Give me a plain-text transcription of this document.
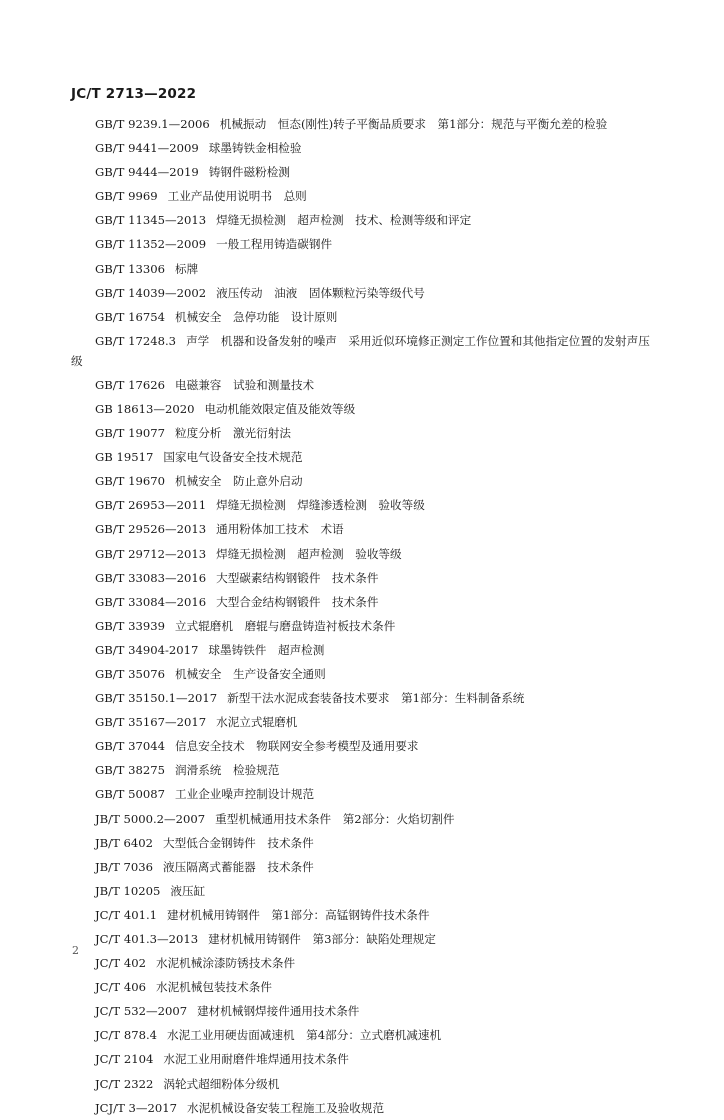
JC/T 2713—2022
GB/T 9239.1—2006 机械振动　恒态(刚性)转子平衡品质要求　第1部分：规范与平衡允差的检验
GB/T 9441—2009 球墨铸铁金相检验
GB/T 9444—2019 铸钢件磁粉检测
GB/T 9969 工业产品使用说明书　总则
GB/T 11345—2013 焊缝无损检测　超声检测　技术、检测等级和评定
GB/T 11352—2009 一般工程用铸造碳钢件
GB/T 13306 标牌
GB/T 14039—2002 液压传动　油液　固体颗粒污染等级代号
GB/T 16754 机械安全　急停功能　设计原则
GB/T 17248.3 声学　机器和设备发射的噪声　采用近似环境修正测定工作位置和其他指定位置的发射声压级
GB/T 17626 电磁兼容　试验和测量技术
GB 18613—2020 电动机能效限定值及能效等级
GB/T 19077 粒度分析　激光衍射法
GB 19517 国家电气设备安全技术规范
GB/T 19670 机械安全　防止意外启动
GB/T 26953—2011 焊缝无损检测　焊缝渗透检测　验收等级
GB/T 29526—2013 通用粉体加工技术　术语
GB/T 29712—2013 焊缝无损检测　超声检测　验收等级
GB/T 33083—2016 大型碳素结构钢锻件　技术条件
GB/T 33084—2016 大型合金结构钢锻件　技术条件
GB/T 33939 立式辊磨机　磨辊与磨盘铸造衬板技术条件
GB/T 34904-2017 球墨铸铁件　超声检测
GB/T 35076 机械安全　生产设备安全通则
GB/T 35150.1—2017 新型干法水泥成套装备技术要求　第1部分：生料制备系统
GB/T 35167—2017 水泥立式辊磨机
GB/T 37044 信息安全技术　物联网安全参考模型及通用要求
GB/T 38275 润滑系统　检验规范
GB/T 50087 工业企业噪声控制设计规范
JB/T 5000.2—2007 重型机械通用技术条件　第2部分：火焰切割件
JB/T 6402 大型低合金钢铸件　技术条件
JB/T 7036 液压隔离式蓄能器　技术条件
JB/T 10205 液压缸
JC/T 401.1 建材机械用铸钢件　第1部分：高锰钢铸件技术条件
JC/T 401.3—2013 建材机械用铸钢件　第3部分：缺陷处理规定
JC/T 402 水泥机械涂漆防锈技术条件
JC/T 406 水泥机械包装技术条件
JC/T 532—2007 建材机械钢焊接件通用技术条件
JC/T 878.4 水泥工业用硬齿面减速机　第4部分：立式磨机减速机
JC/T 2104 水泥工业用耐磨件堆焊通用技术条件
JC/T 2322 涡轮式超细粉体分级机
JCJ/T 3—2017 水泥机械设备安装工程施工及验收规范
2
